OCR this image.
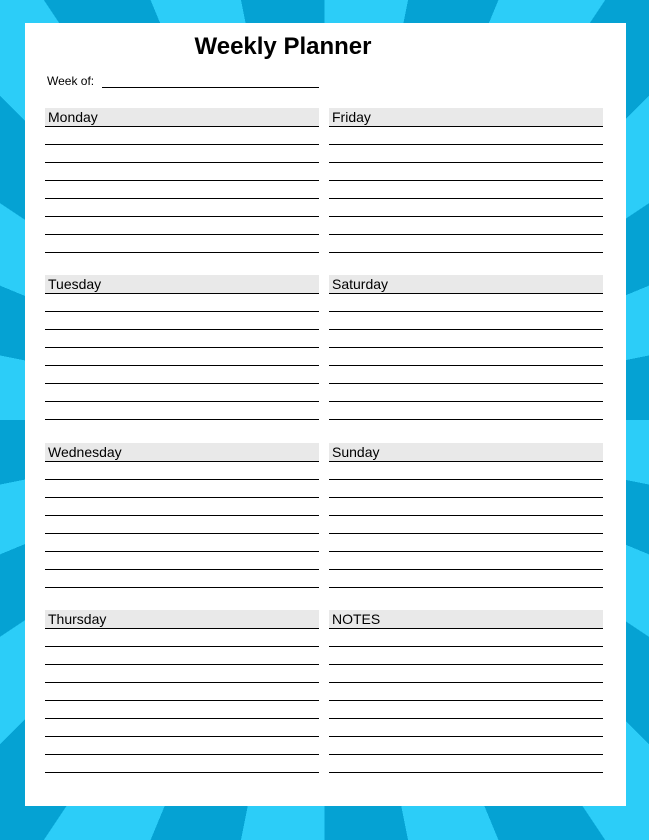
Weekly Planner
Week of:
Monday
Tuesday
Wednesday
Thursday
Friday
Saturday
Sunday
NOTES
